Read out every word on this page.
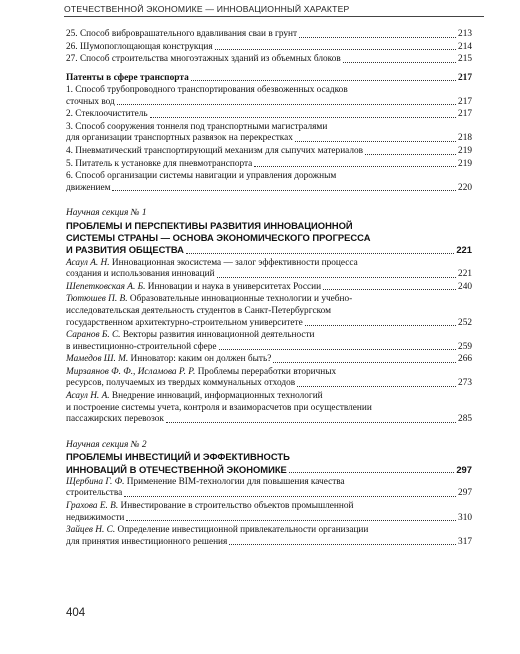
ОТЕЧЕСТВЕННОЙ ЭКОНОМИКЕ — ИННОВАЦИОННЫЙ ХАРАКТЕР
25. Способ виброврашательного вдавливания сваи в грунт	213
26. Шумопоглощающая конструкция	214
27. Способ строительства многоэтажных зданий из объемных блоков	215
Патенты в сфере транспорта	217
1. Способ трубопроводного транспортирования обезвоженных осадков
сточных вод	217
2. Стеклоочиститель	217
3. Способ сооружения тоннеля под транспортными магистралями
для организации транспортных развязок на перекрестках	218
4. Пневматический транспортирующий механизм для сыпучих материалов	219
5. Питатель к установке для пневмотранспорта	219
6. Способ организации системы навигации и управления дорожным
движением	220
Научная секция № 1
ПРОБЛЕМЫ И ПЕРСПЕКТИВЫ РАЗВИТИЯ ИННОВАЦИОННОЙ
СИСТЕМЫ СТРАНЫ — ОСНОВА ЭКОНОМИЧЕСКОГО ПРОГРЕССА
И РАЗВИТИЯ ОБЩЕСТВА	221
Асаул А. Н. Инновационная экосистема — залог эффективности процесса
создания и использования инноваций	221
Шепетковская А. Б. Инновации и наука в университетах России	240
Тютюшев П. В. Образовательные инновационные технологии и учебно-
исследовательская деятельность студентов в Санкт-Петербургском
государственном архитектурно-строительном университете	252
Саранов Б. С. Векторы развития инновационной деятельности
в инвестиционно-строительной сфере	259
Мамедов Ш. М. Инноватор: каким он должен быть?	266
Мирзаянов Ф. Ф., Исламова Р. Р. Проблемы переработки вторичных
ресурсов, получаемых из твердых коммунальных отходов	273
Асаул Н. А. Внедрение инноваций, информационных технологий
и построение системы учета, контроля и взаиморасчетов при осуществлении
пассажирских перевозок	285
Научная секция № 2
ПРОБЛЕМЫ ИНВЕСТИЦИЙ И ЭФФЕКТИВНОСТЬ
ИННОВАЦИЙ В ОТЕЧЕСТВЕННОЙ ЭКОНОМИКЕ	297
Щербина Г. Ф. Применение BIM-технологии для повышения качества
строительства	297
Грахова Е. В. Инвестирование в строительство объектов промышленной
недвижимости	310
Зайцев Н. С. Определение инвестиционной привлекательности организации
для принятия инвестиционного решения	317
404
